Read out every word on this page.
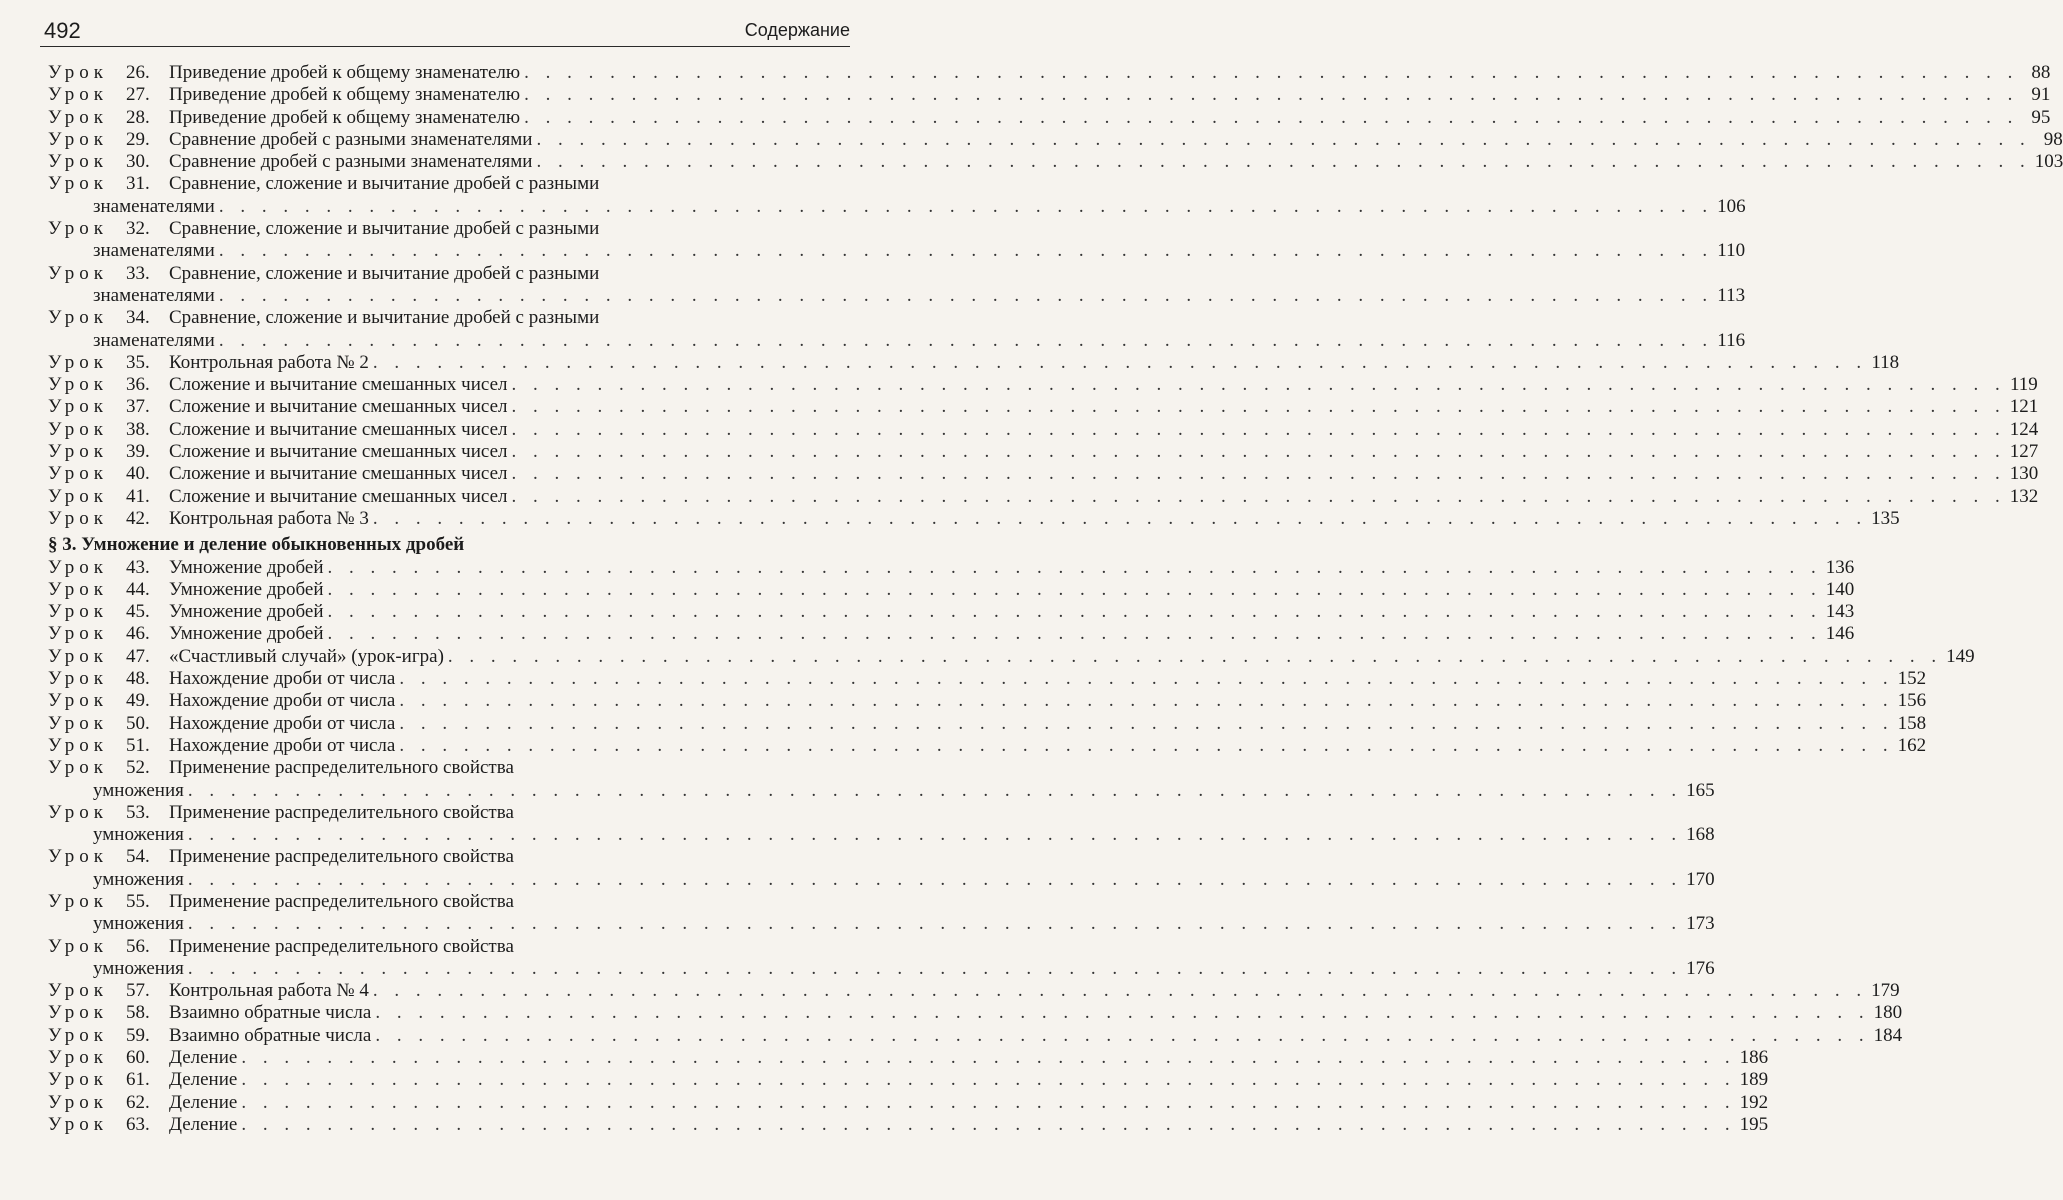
492	Содержание
Урок 26.	Приведение дробей к общему знаменателю . . . . . . . . . . . . . . . . . . . . . . . . . . . . . . . . . . . . . . . . . . . . . . . . . . . . . . . . . . . . . . . . . . . . . . 88
Урок 27.	Приведение дробей к общему знаменателю . . . . . . . . . . . . . . . . . . . . . . . . . . . . . . . . . . . . . . . . . . . . . . . . . . . . . . . . . . . . . . . . . . . . . . 91
Урок 28.	Приведение дробей к общему знаменателю . . . . . . . . . . . . . . . . . . . . . . . . . . . . . . . . . . . . . . . . . . . . . . . . . . . . . . . . . . . . . . . . . . . . . . 95
Урок 29.	Сравнение дробей с разными знаменателями . . . . . . . . . . . . . . . . . . . . . . . . . . . . . . . . . . . . . . . . . . . . . . . . . . . . . . . . . . . . . . . . . . . . . . 98
Урок 30.	Сравнение дробей с разными знаменателями . . . . . . . . . . . . . . . . . . . . . . . . . . . . . . . . . . . . . . . . . . . . . . . . . . . . . . . . . . . . . . . . . . . . . . 103
Урок 31.	Сравнение, сложение и вычитание дробей с разными
знаменателями . . . . . . . . . . . . . . . . . . . . . . . . . . . . . . . . . . . . . . . . . . . . . . . . . . . . . . . . . . . . . . . . . . . . . . 106
Урок 32.	Сравнение, сложение и вычитание дробей с разными
знаменателями . . . . . . . . . . . . . . . . . . . . . . . . . . . . . . . . . . . . . . . . . . . . . . . . . . . . . . . . . . . . . . . . . . . . . . 110
Урок 33.	Сравнение, сложение и вычитание дробей с разными
знаменателями . . . . . . . . . . . . . . . . . . . . . . . . . . . . . . . . . . . . . . . . . . . . . . . . . . . . . . . . . . . . . . . . . . . . . . 113
Урок 34.	Сравнение, сложение и вычитание дробей с разными
знаменателями . . . . . . . . . . . . . . . . . . . . . . . . . . . . . . . . . . . . . . . . . . . . . . . . . . . . . . . . . . . . . . . . . . . . . . 116
Урок 35.	Контрольная работа № 2 . . . . . . . . . . . . . . . . . . . . . . . . . . . . . . . . . . . . . . . . . . . . . . . . . . . . . . . . . . . . . . . . . . . . . . 118
Урок 36.	Сложение и вычитание смешанных чисел . . . . . . . . . . . . . . . . . . . . . . . . . . . . . . . . . . . . . . . . . . . . . . . . . . . . . . . . . . . . . . . . . . . . . . 119
Урок 37.	Сложение и вычитание смешанных чисел . . . . . . . . . . . . . . . . . . . . . . . . . . . . . . . . . . . . . . . . . . . . . . . . . . . . . . . . . . . . . . . . . . . . . . 121
Урок 38.	Сложение и вычитание смешанных чисел . . . . . . . . . . . . . . . . . . . . . . . . . . . . . . . . . . . . . . . . . . . . . . . . . . . . . . . . . . . . . . . . . . . . . . 124
Урок 39.	Сложение и вычитание смешанных чисел . . . . . . . . . . . . . . . . . . . . . . . . . . . . . . . . . . . . . . . . . . . . . . . . . . . . . . . . . . . . . . . . . . . . . . 127
Урок 40.	Сложение и вычитание смешанных чисел . . . . . . . . . . . . . . . . . . . . . . . . . . . . . . . . . . . . . . . . . . . . . . . . . . . . . . . . . . . . . . . . . . . . . . 130
Урок 41.	Сложение и вычитание смешанных чисел . . . . . . . . . . . . . . . . . . . . . . . . . . . . . . . . . . . . . . . . . . . . . . . . . . . . . . . . . . . . . . . . . . . . . . 132
Урок 42.	Контрольная работа № 3 . . . . . . . . . . . . . . . . . . . . . . . . . . . . . . . . . . . . . . . . . . . . . . . . . . . . . . . . . . . . . . . . . . . . . . 135
§ 3. Умножение и деление обыкновенных дробей
Урок 43.	Умножение дробей . . . . . . . . . . . . . . . . . . . . . . . . . . . . . . . . . . . . . . . . . . . . . . . . . . . . . . . . . . . . . . . . . . . . . . 136
Урок 44.	Умножение дробей . . . . . . . . . . . . . . . . . . . . . . . . . . . . . . . . . . . . . . . . . . . . . . . . . . . . . . . . . . . . . . . . . . . . . . 140
Урок 45.	Умножение дробей . . . . . . . . . . . . . . . . . . . . . . . . . . . . . . . . . . . . . . . . . . . . . . . . . . . . . . . . . . . . . . . . . . . . . . 143
Урок 46.	Умножение дробей . . . . . . . . . . . . . . . . . . . . . . . . . . . . . . . . . . . . . . . . . . . . . . . . . . . . . . . . . . . . . . . . . . . . . . 146
Урок 47.	«Счастливый случай» (урок-игра) . . . . . . . . . . . . . . . . . . . . . . . . . . . . . . . . . . . . . . . . . . . . . . . . . . . . . . . . . . . . . . . . . . . . . . 149
Урок 48.	Нахождение дроби от числа . . . . . . . . . . . . . . . . . . . . . . . . . . . . . . . . . . . . . . . . . . . . . . . . . . . . . . . . . . . . . . . . . . . . . . 152
Урок 49.	Нахождение дроби от числа . . . . . . . . . . . . . . . . . . . . . . . . . . . . . . . . . . . . . . . . . . . . . . . . . . . . . . . . . . . . . . . . . . . . . . 156
Урок 50.	Нахождение дроби от числа . . . . . . . . . . . . . . . . . . . . . . . . . . . . . . . . . . . . . . . . . . . . . . . . . . . . . . . . . . . . . . . . . . . . . . 158
Урок 51.	Нахождение дроби от числа . . . . . . . . . . . . . . . . . . . . . . . . . . . . . . . . . . . . . . . . . . . . . . . . . . . . . . . . . . . . . . . . . . . . . . 162
Урок 52.	Применение распределительного свойства
умножения . . . . . . . . . . . . . . . . . . . . . . . . . . . . . . . . . . . . . . . . . . . . . . . . . . . . . . . . . . . . . . . . . . . . . . 165
Урок 53.	Применение распределительного свойства
умножения . . . . . . . . . . . . . . . . . . . . . . . . . . . . . . . . . . . . . . . . . . . . . . . . . . . . . . . . . . . . . . . . . . . . . . 168
Урок 54.	Применение распределительного свойства
умножения . . . . . . . . . . . . . . . . . . . . . . . . . . . . . . . . . . . . . . . . . . . . . . . . . . . . . . . . . . . . . . . . . . . . . . 170
Урок 55.	Применение распределительного свойства
умножения . . . . . . . . . . . . . . . . . . . . . . . . . . . . . . . . . . . . . . . . . . . . . . . . . . . . . . . . . . . . . . . . . . . . . . 173
Урок 56.	Применение распределительного свойства
умножения . . . . . . . . . . . . . . . . . . . . . . . . . . . . . . . . . . . . . . . . . . . . . . . . . . . . . . . . . . . . . . . . . . . . . . 176
Урок 57.	Контрольная работа № 4 . . . . . . . . . . . . . . . . . . . . . . . . . . . . . . . . . . . . . . . . . . . . . . . . . . . . . . . . . . . . . . . . . . . . . . 179
Урок 58.	Взаимно обратные числа . . . . . . . . . . . . . . . . . . . . . . . . . . . . . . . . . . . . . . . . . . . . . . . . . . . . . . . . . . . . . . . . . . . . . . 180
Урок 59.	Взаимно обратные числа . . . . . . . . . . . . . . . . . . . . . . . . . . . . . . . . . . . . . . . . . . . . . . . . . . . . . . . . . . . . . . . . . . . . . . 184
Урок 60.	Деление . . . . . . . . . . . . . . . . . . . . . . . . . . . . . . . . . . . . . . . . . . . . . . . . . . . . . . . . . . . . . . . . . . . . . . 186
Урок 61.	Деление . . . . . . . . . . . . . . . . . . . . . . . . . . . . . . . . . . . . . . . . . . . . . . . . . . . . . . . . . . . . . . . . . . . . . . 189
Урок 62.	Деление . . . . . . . . . . . . . . . . . . . . . . . . . . . . . . . . . . . . . . . . . . . . . . . . . . . . . . . . . . . . . . . . . . . . . . 192
Урок 63.	Деление . . . . . . . . . . . . . . . . . . . . . . . . . . . . . . . . . . . . . . . . . . . . . . . . . . . . . . . . . . . . . . . . . . . . . . 195
